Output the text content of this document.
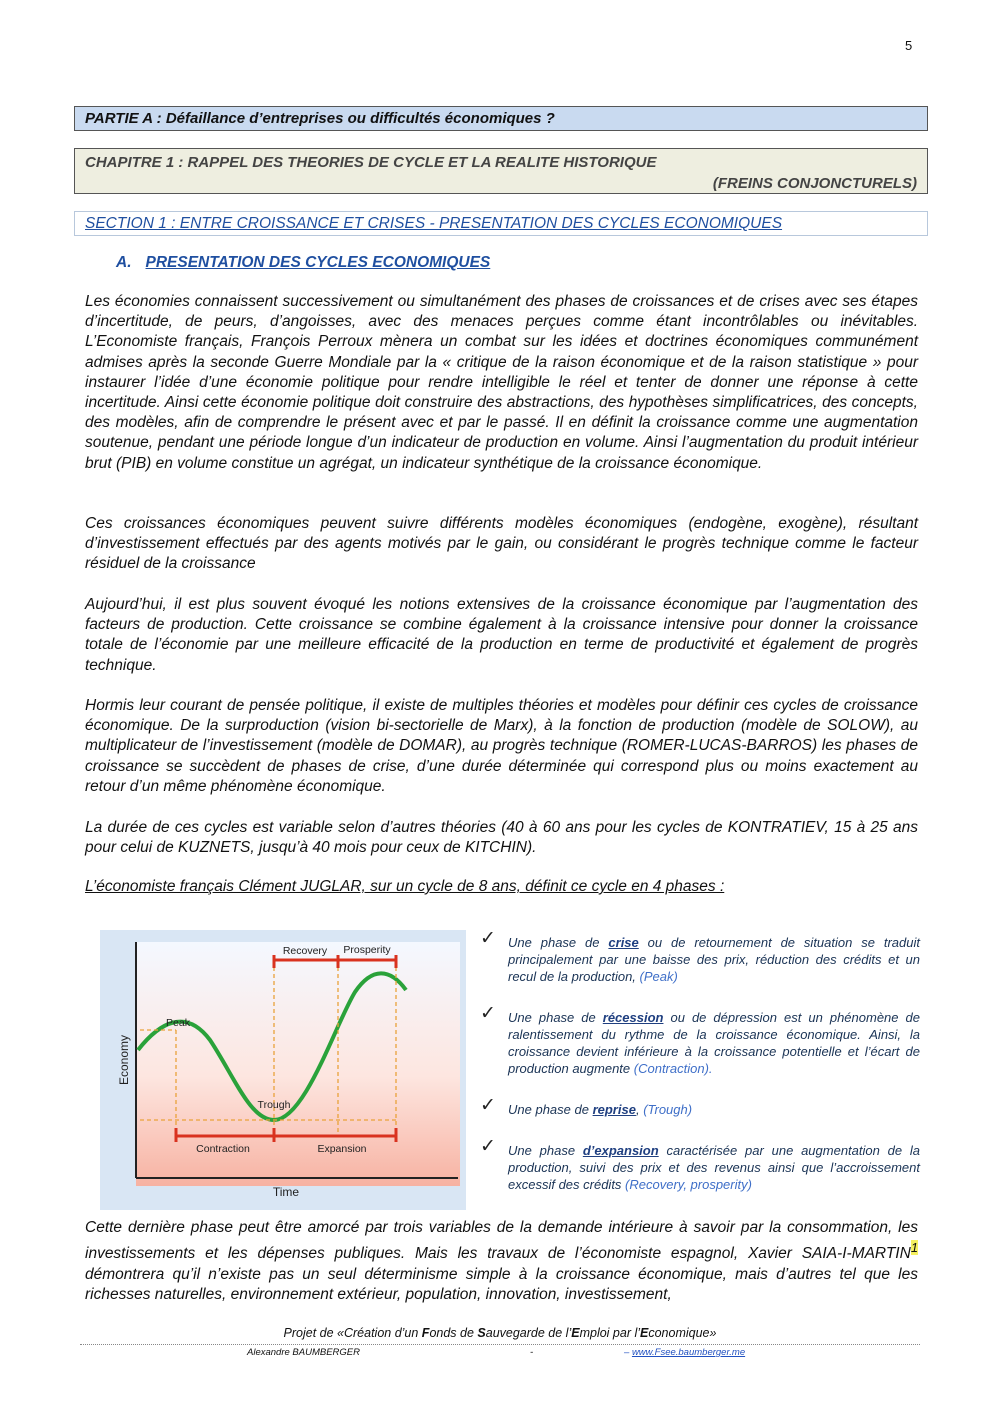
5
PARTIE A : Défaillance d’entreprises ou difficultés économiques ?
CHAPITRE 1 : RAPPEL DES THEORIES DE CYCLE ET LA REALITE HISTORIQUE
(FREINS CONJONCTURELS)
SECTION 1 : ENTRE CROISSANCE ET CRISES - PRESENTATION DES CYCLES ECONOMIQUES
A. PRESENTATION DES CYCLES ECONOMIQUES

Les économies connaissent successivement ou simultanément des phases de croissances et de crises avec ses étapes d’incertitude, de peurs, d’angoisses, avec des menaces perçues comme étant incontrôlables ou inévitables. L’Economiste français, François Perroux mènera un combat sur les idées et doctrines économiques communément admises après la seconde Guerre Mondiale par la « critique de la raison économique et de la raison statistique » pour instaurer l’idée d’une économie politique pour rendre intelligible le réel et tenter de donner une réponse à cette incertitude. Ainsi cette économie politique doit construire des abstractions, des hypothèses simplificatrices, des concepts, des modèles, afin de comprendre le présent avec et par le passé. Il en définit la croissance comme une augmentation soutenue, pendant une période longue d’un indicateur de production en volume. Ainsi l’augmentation du produit intérieur brut (PIB) en volume constitue un agrégat, un indicateur synthétique de la croissance économique.

Ces croissances économiques peuvent suivre différents modèles économiques (endogène, exogène), résultant d’investissement effectués par des agents motivés par le gain, ou considérant le progrès technique comme le facteur résiduel de la croissance

Aujourd’hui, il est plus souvent évoqué les notions extensives de la croissance économique par l’augmentation des facteurs de production. Cette croissance se combine également à la croissance intensive pour donner la croissance totale de l’économie par une meilleure efficacité de la production en terme de productivité et également de progrès technique.

Hormis leur courant de pensée politique, il existe de multiples théories et modèles pour définir ces cycles de croissance économique. De la surproduction (vision bi-sectorielle de Marx), à la fonction de production (modèle de SOLOW), au multiplicateur de l’investissement (modèle de DOMAR), au progrès technique (ROMER-LUCAS-BARROS) les phases de croissance se succèdent de phases de crise, d’une durée déterminée qui correspond plus ou moins exactement au retour d’un même phénomène économique.

La durée de ces cycles est variable selon d’autres théories (40 à 60 ans pour les cycles de KONTRATIEV, 15 à 25 ans pour celui de KUZNETS, jusqu’à 40 mois pour ceux de KITCHIN).

L’économiste français Clément JUGLAR, sur un cycle de 8 ans, définit ce cycle en 4 phases :

Recovery Prosperity
Peak
Trough
Contraction	Expansion
Time
Economy
✓ Une phase de crise ou de retournement de situation se traduit principalement par une baisse des prix, réduction des crédits et un recul de la production, (Peak)
✓ Une phase de récession ou de dépression est un phénomène de ralentissement du rythme de la croissance économique. Ainsi, la croissance devient inférieure à la croissance potentielle et l’écart de production augmente (Contraction).
✓ Une phase de reprise, (Trough)
✓ Une phase d’expansion caractérisée par une augmentation de la production, suivi des prix et des revenus ainsi que l’accroissement excessif des crédits (Recovery, prosperity)

Cette dernière phase peut être amorcé par trois variables de la demande intérieure à savoir par la consommation, les investissements et les dépenses publiques. Mais les travaux de l’économiste espagnol, Xavier SAIA-I-MARTIN$^1$ démontrera qu’il n’existe pas un seul déterminisme simple à la croissance économique, mais d’autres tel que les richesses naturelles, environnement extérieur, population, innovation, investissement,

Projet de «Création d’un Fonds de Sauvegarde de l’Emploi par l’Economique»
Alexandre BAUMBERGER	-	– www.Fsee.baumberger.me
